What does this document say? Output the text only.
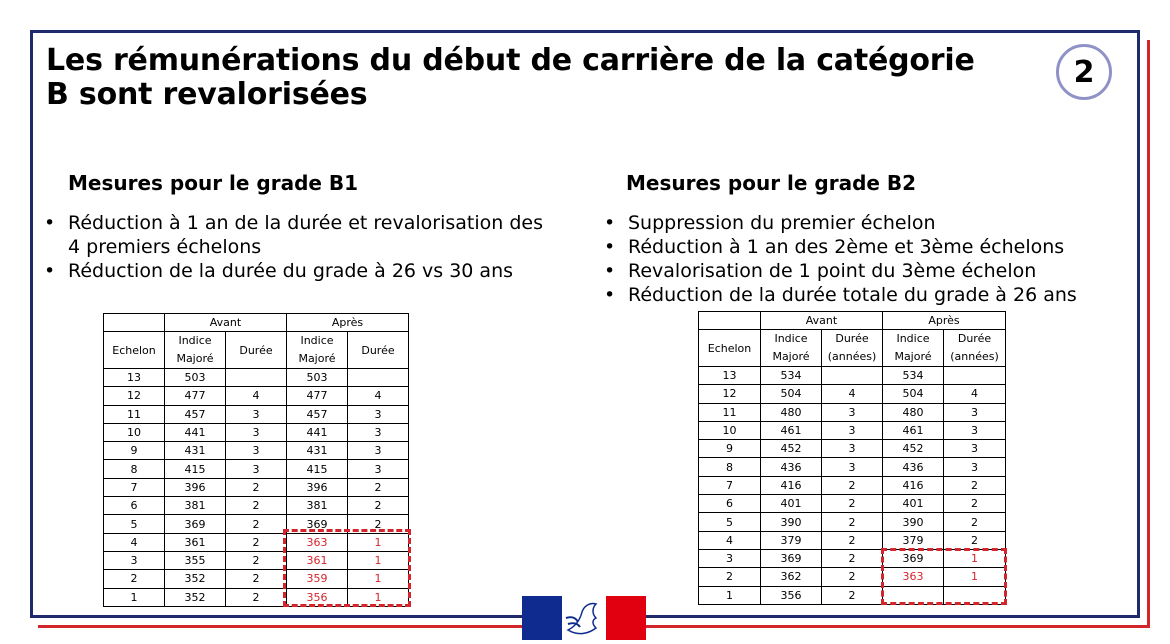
Les rémunérations du début de carrière de la catégorie B sont revalorisées
2
Mesures pour le grade B1
• Réduction à 1 an de la durée et revalorisation des 4 premiers échelons
• Réduction de la durée du grade à 26 vs 30 ans
Mesures pour le grade B2
• Suppression du premier échelon
• Réduction à 1 an des 2ème et 3ème échelons
• Revalorisation de 1 point du 3ème échelon
• Réduction de la durée totale du grade à 26 ans
	Avant		Après	
Echelon	Indice Majoré	Durée	Indice Majoré	Durée
13	503		503	
12	477	4	477	4
11	457	3	457	3
10	441	3	441	3
9	431	3	431	3
8	415	3	415	3
7	396	2	396	2
6	381	2	381	2
5	369	2	369	2
4	361	2	363	1
3	355	2	361	1
2	352	2	359	1
1	352	2	356	1
	Avant		Après	
Echelon	Indice Majoré	Durée (années)	Indice Majoré	Durée (années)
13	534		534	
12	504	4	504	4
11	480	3	480	3
10	461	3	461	3
9	452	3	452	3
8	436	3	436	3
7	416	2	416	2
6	401	2	401	2
5	390	2	390	2
4	379	2	379	2
3	369	2	369	1
2	362	2	363	1
1	356	2		
